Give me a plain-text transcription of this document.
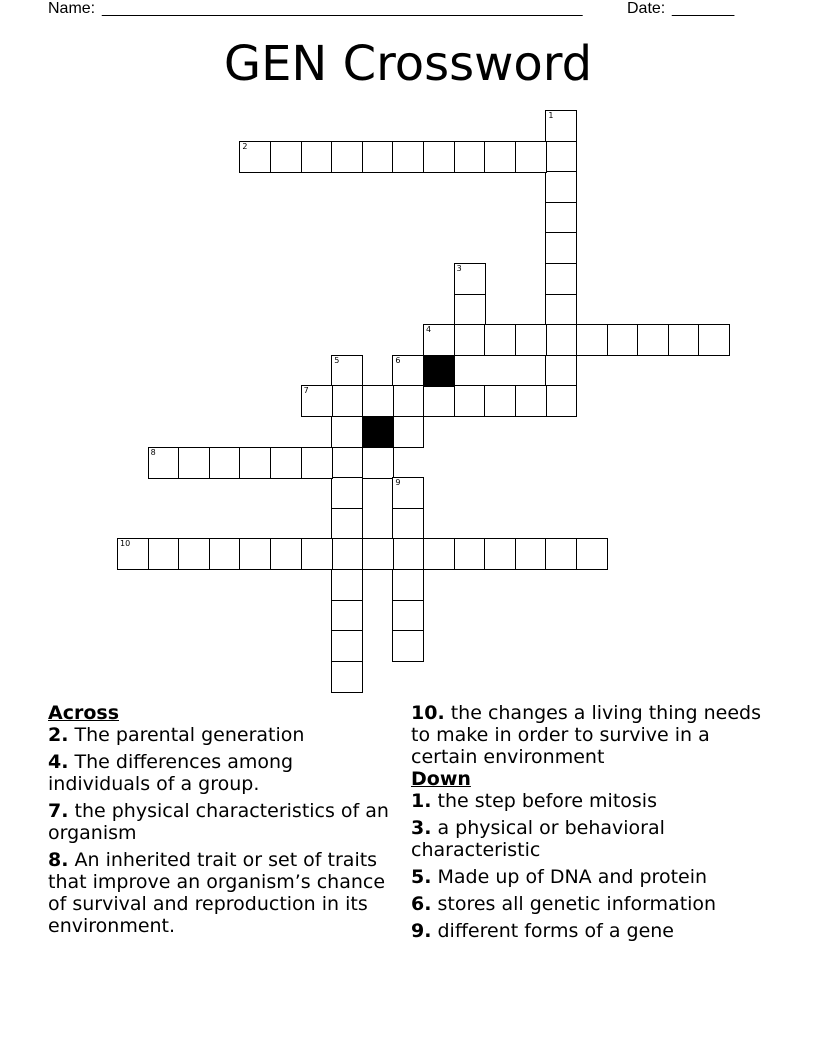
Name: ______________________________________________________	Date: _______
GEN Crossword
1
2
3
4
5	6
7
8
9
10

Across

2. The parental generation

4. The differences among individuals of a group.

7. the physical characteristics of an organism

8. An inherited trait or set of traits that improve an organism’s chance of survival and reproduction in its environment.

10. the changes a living thing needs to make in order to survive in a certain environment

Down

1. the step before mitosis

3. a physical or behavioral characteristic

5. Made up of DNA and protein

6. stores all genetic information

9. different forms of a gene
